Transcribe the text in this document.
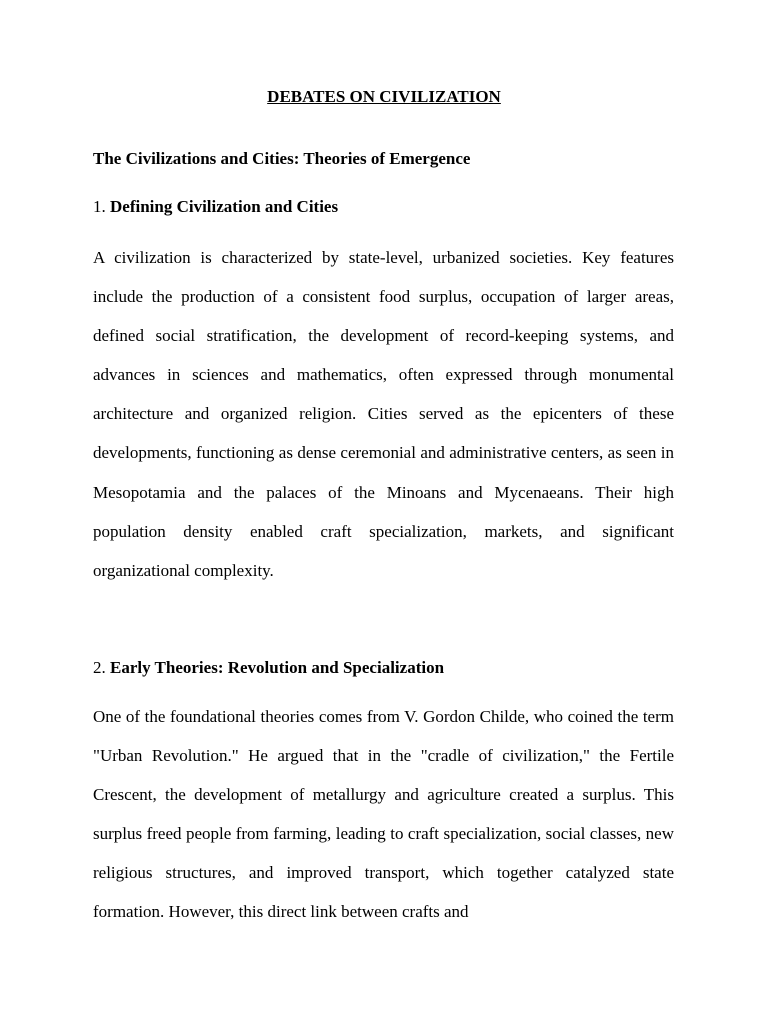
DEBATES ON CIVILIZATION
The Civilizations and Cities: Theories of Emergence
1. Defining Civilization and Cities

A civilization is characterized by state-level, urbanized societies. Key features include the production of a consistent food surplus, occupation of larger areas, defined social stratification, the development of record-keeping systems, and advances in sciences and mathematics, often expressed through monumental architecture and organized religion. Cities served as the epicenters of these developments, functioning as dense ceremonial and administrative centers, as seen in Mesopotamia and the palaces of the Minoans and Mycenaeans. Their high population density enabled craft specialization, markets, and significant organizational complexity.

2. Early Theories: Revolution and Specialization

One of the foundational theories comes from V. Gordon Childe, who coined the term "Urban Revolution." He argued that in the "cradle of civilization," the Fertile Crescent, the development of metallurgy and agriculture created a surplus. This surplus freed people from farming, leading to craft specialization, social classes, new religious structures, and improved transport, which together catalyzed state formation. However, this direct link between crafts and
